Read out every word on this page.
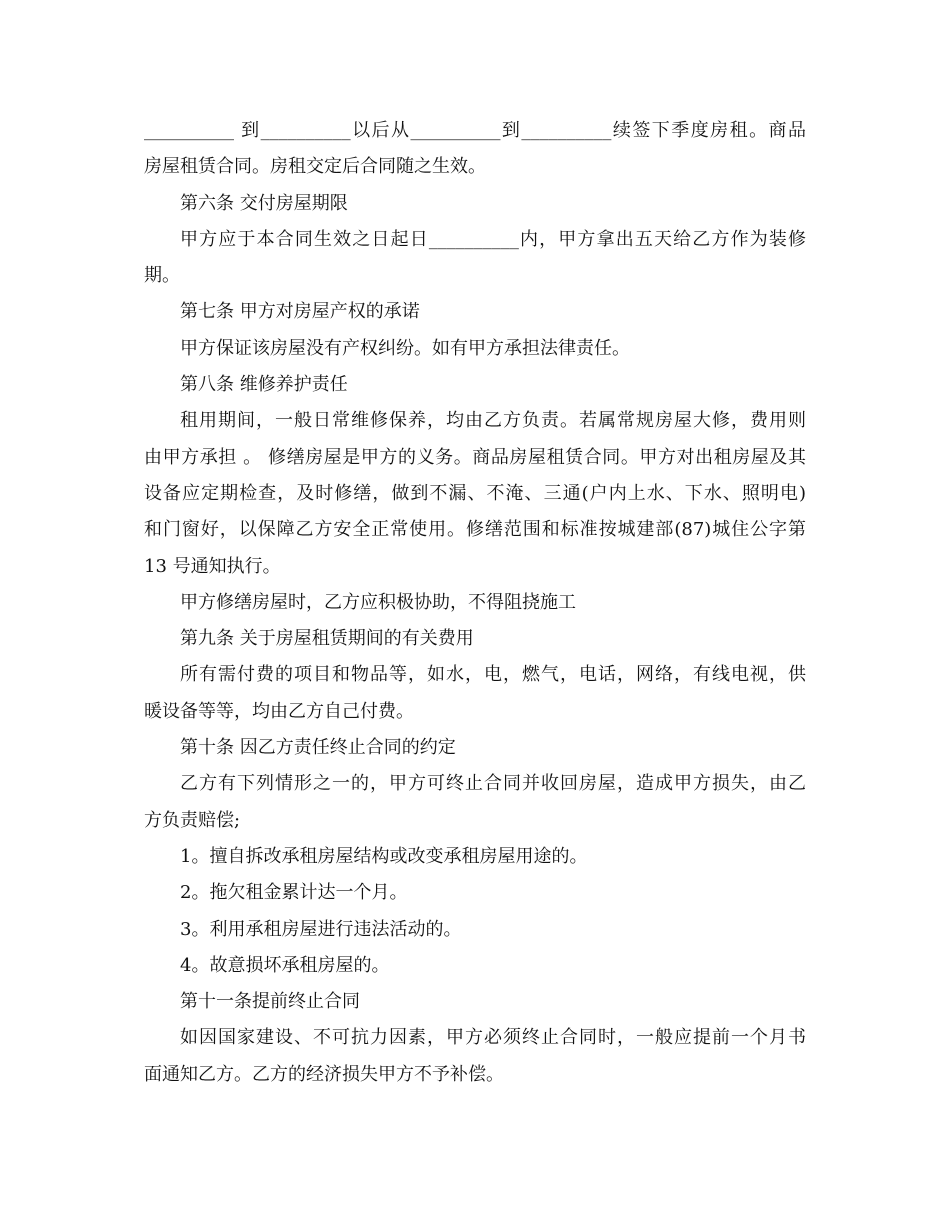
__________ 到__________以后从__________到__________续签下季度房租。商品
房屋租赁合同。房租交定后合同随之生效。
第六条 交付房屋期限
甲方应于本合同生效之日起日__________内，甲方拿出五天给乙方作为装修
期。
第七条 甲方对房屋产权的承诺
甲方保证该房屋没有产权纠纷。如有甲方承担法律责任。
第八条 维修养护责任
租用期间，一般日常维修保养，均由乙方负责。若属常规房屋大修，费用则
由甲方承担 。 修缮房屋是甲方的义务。商品房屋租赁合同。甲方对出租房屋及其
设备应定期检查，及时修缮，做到不漏、不淹、三通(户内上水、下水、照明电)
和门窗好，以保障乙方安全正常使用。修缮范围和标准按城建部(87)城住公字第
13 号通知执行。
甲方修缮房屋时，乙方应积极协助，不得阻挠施工
第九条 关于房屋租赁期间的有关费用
所有需付费的项目和物品等，如水，电，燃气，电话，网络，有线电视，供
暖设备等等，均由乙方自己付费。
第十条 因乙方责任终止合同的约定
乙方有下列情形之一的，甲方可终止合同并收回房屋，造成甲方损失，由乙
方负责赔偿;
1。擅自拆改承租房屋结构或改变承租房屋用途的。
2。拖欠租金累计达一个月。
3。利用承租房屋进行违法活动的。
4。故意损坏承租房屋的。
第十一条提前终止合同
如因国家建设、不可抗力因素，甲方必须终止合同时，一般应提前一个月书
面通知乙方。乙方的经济损失甲方不予补偿。
